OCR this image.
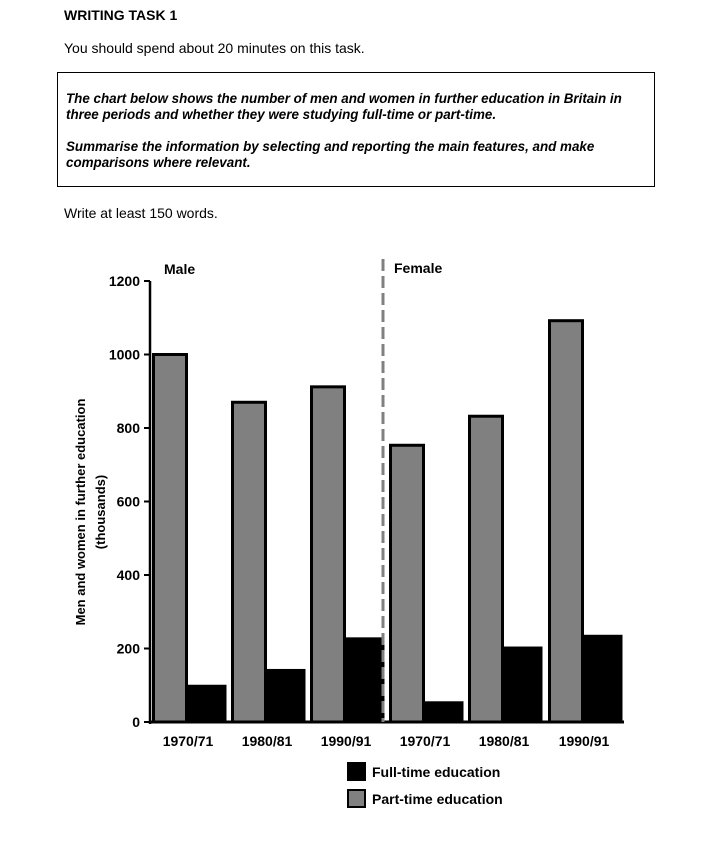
WRITING TASK 1
You should spend about 20 minutes on this task.

The chart below shows the number of men and women in further education in Britain in three periods and whether they were studying full-time or part-time.

Summarise the information by selecting and reporting the main features, and make comparisons where relevant.

Write at least 150 words.
0
200
400
600
800
1000
1200
Men and women in further education (thousands)
1970/71 1980/81 1990/91 1970/71 1980/81 1990/91
Male	Female
Full-time education
Part-time education
